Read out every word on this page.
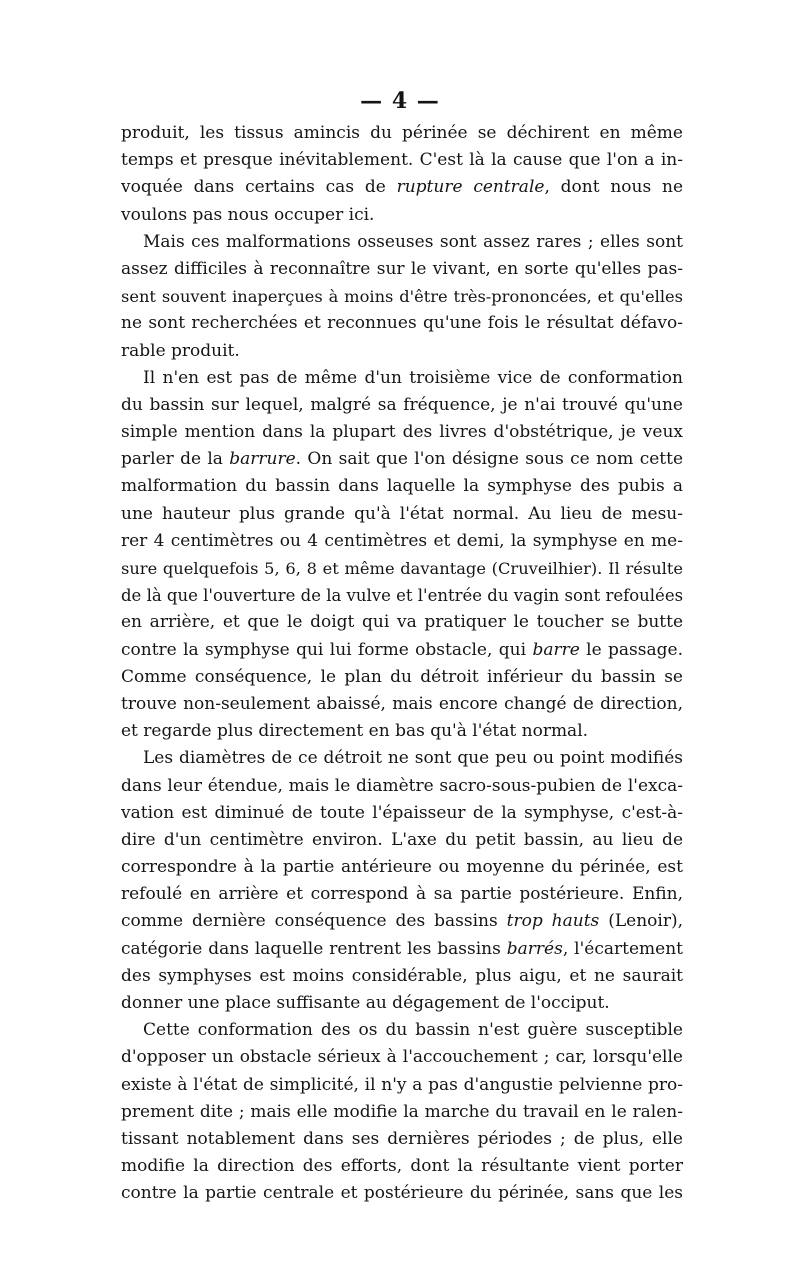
— 4 —
produit, les tissus amincis du périnée se déchirent en même
temps et presque inévitablement. C'est là la cause que l'on a in-
voquée dans certains cas de rupture centrale, dont nous ne
voulons pas nous occuper ici.
Mais ces malformations osseuses sont assez rares ; elles sont
assez difficiles à reconnaître sur le vivant, en sorte qu'elles pas-
sent souvent inaperçues à moins d'être très-prononcées, et qu'elles
ne sont recherchées et reconnues qu'une fois le résultat défavo-
rable produit.
Il n'en est pas de même d'un troisième vice de conformation
du bassin sur lequel, malgré sa fréquence, je n'ai trouvé qu'une
simple mention dans la plupart des livres d'obstétrique, je veux
parler de la barrure. On sait que l'on désigne sous ce nom cette
malformation du bassin dans laquelle la symphyse des pubis a
une hauteur plus grande qu'à l'état normal. Au lieu de mesu-
rer 4 centimètres ou 4 centimètres et demi, la symphyse en me-
sure quelquefois 5, 6, 8 et même davantage (Cruveilhier). Il résulte
de là que l'ouverture de la vulve et l'entrée du vagin sont refoulées
en arrière, et que le doigt qui va pratiquer le toucher se butte
contre la symphyse qui lui forme obstacle, qui barre le passage.
Comme conséquence, le plan du détroit inférieur du bassin se
trouve non-seulement abaissé, mais encore changé de direction,
et regarde plus directement en bas qu'à l'état normal.
Les diamètres de ce détroit ne sont que peu ou point modifiés
dans leur étendue, mais le diamètre sacro-sous-pubien de l'exca-
vation est diminué de toute l'épaisseur de la symphyse, c'est-à-
dire d'un centimètre environ. L'axe du petit bassin, au lieu de
correspondre à la partie antérieure ou moyenne du périnée, est
refoulé en arrière et correspond à sa partie postérieure. Enfin,
comme dernière conséquence des bassins trop hauts (Lenoir),
catégorie dans laquelle rentrent les bassins barrés, l'écartement
des symphyses est moins considérable, plus aigu, et ne saurait
donner une place suffisante au dégagement de l'occiput.
Cette conformation des os du bassin n'est guère susceptible
d'opposer un obstacle sérieux à l'accouchement ; car, lorsqu'elle
existe à l'état de simplicité, il n'y a pas d'angustie pelvienne pro-
prement dite ; mais elle modifie la marche du travail en le ralen-
tissant notablement dans ses dernières périodes ; de plus, elle
modifie la direction des efforts, dont la résultante vient porter
contre la partie centrale et postérieure du périnée, sans que les
